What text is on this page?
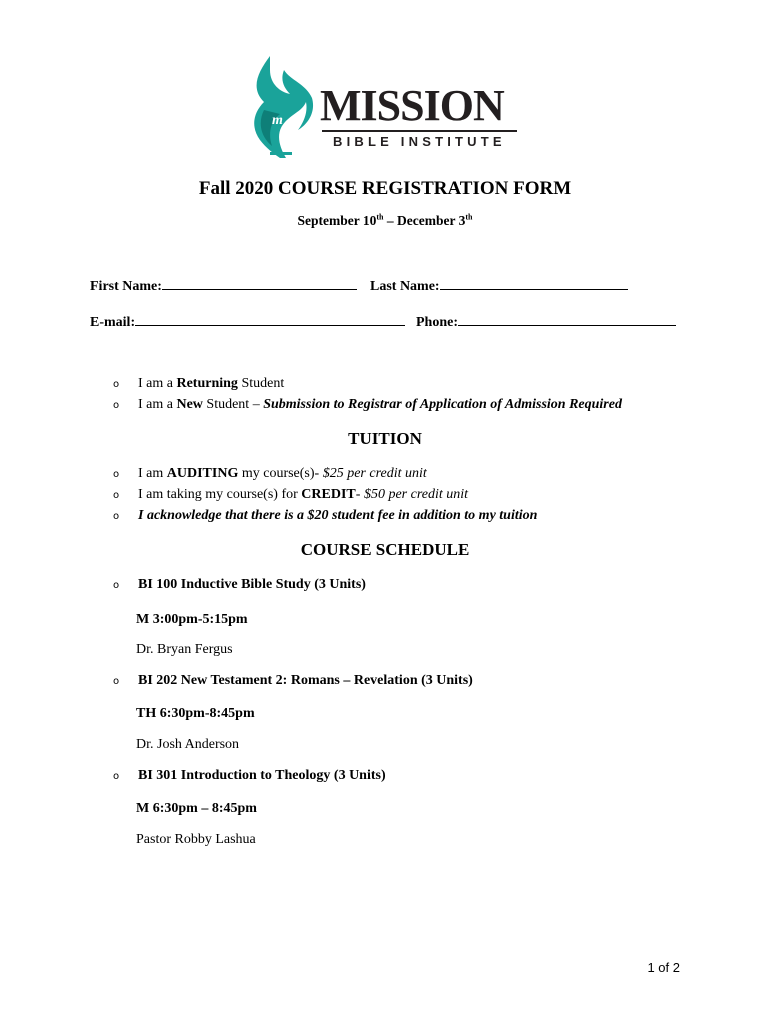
m MISSION
BIBLE INSTITUTE
Fall 2020 COURSE REGISTRATION FORM
September 10th – December 3th
First Name:	Last Name:
E-mail:	Phone:
o I am a Returning Student
o I am a New Student – Submission to Registrar of Application of Admission Required
TUITION
o I am AUDITING my course(s)- $25 per credit unit
o I am taking my course(s) for CREDIT- $50 per credit unit
o I acknowledge that there is a $20 student fee in addition to my tuition
COURSE SCHEDULE
o BI 100 Inductive Bible Study (3 Units)
M 3:00pm-5:15pm
Dr. Bryan Fergus
o BI 202 New Testament 2: Romans – Revelation (3 Units)
TH 6:30pm-8:45pm
Dr. Josh Anderson
o BI 301 Introduction to Theology (3 Units)
M 6:30pm – 8:45pm
Pastor Robby Lashua
1 of 2
